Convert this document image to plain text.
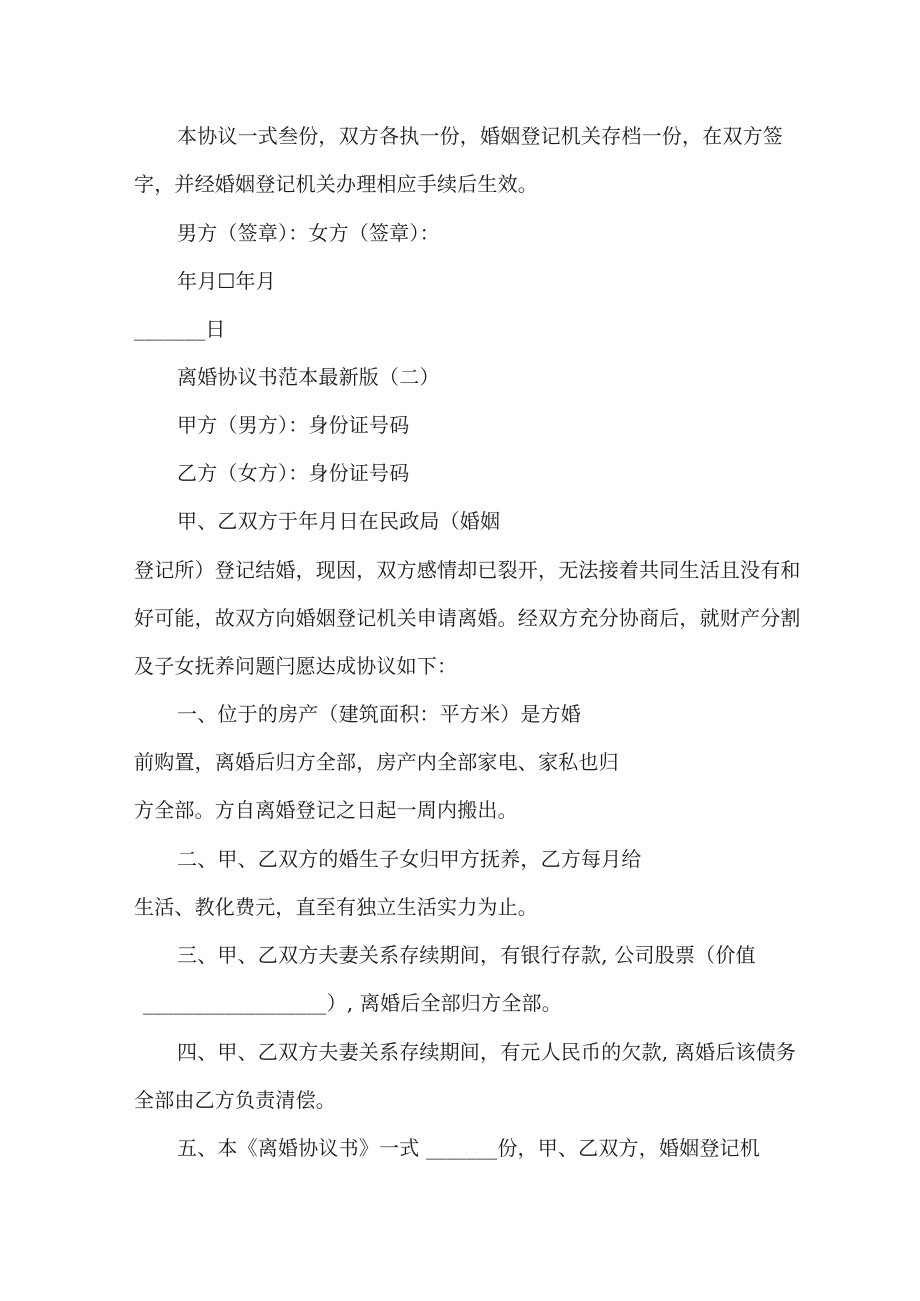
本协议一式叁份，双方各执一份，婚姻登记机关存档一份，在双方签
字，并经婚姻登记机关办理相应手续后生效。
男方（签章）：女方（签章）：
年月☐年月
_______日
离婚协议书范本最新版（二）
甲方（男方）：身份证号码
乙方（女方）：身份证号码
甲、乙双方于年月日在民政局（婚姻
登记所）登记结婚，现因，双方感情却已裂开，无法接着共同生活且没有和
好可能，故双方向婚姻登记机关申请离婚。经双方充分协商后，就财产分割
及子女抚养问题闩愿达成协议如下：
一、位于的房产（建筑面积：平方米）是方婚
前购置，离婚后归方全部，房产内全部家电、家私也归
方全部。方自离婚登记之日起一周内搬出。
二、甲、乙双方的婚生子女归甲方抚养，乙方每月给
生活、教化费元，直至有独立生活实力为止。
三、甲、乙双方夫妻关系存续期间，有银行存款, 公司股票（价值
__________________）, 离婚后全部归方全部。
四、甲、乙双方夫妻关系存续期间，有元人民币的欠款, 离婚后该债务
全部由乙方负责清偿。
五、本《离婚协议书》一式 _______份，甲、乙双方，婚姻登记机
